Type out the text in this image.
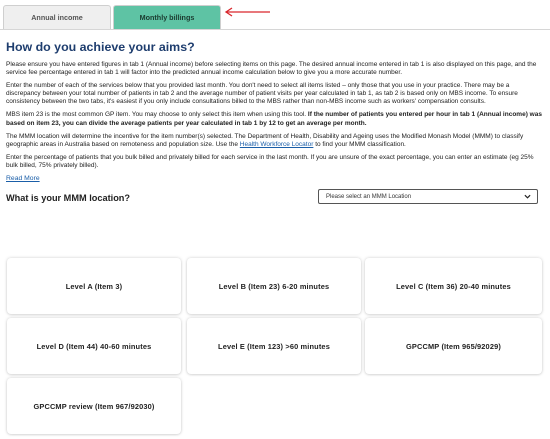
Annual income	Monthly billings
How do you achieve your aims?

Please ensure you have entered figures in tab 1 (Annual income) before selecting items on this page. The desired annual income entered in tab 1 is also displayed on this page, and the service fee percentage entered in tab 1 will factor into the predicted annual income calculation below to give you a more accurate number.

Enter the number of each of the services below that you provided last month. You don't need to select all items listed – only those that you use in your practice. There may be a discrepancy between your total number of patients in tab 2 and the average number of patient visits per year calculated in tab 1, as tab 2 is based only on MBS income. To ensure consistency between the two tabs, it's easiest if you only include consultations billed to the MBS rather than non-MBS income such as workers' compensation consults.

MBS item 23 is the most common GP item. You may choose to only select this item when using this tool. If the number of patients you entered per hour in tab 1 (Annual income) was based on item 23, you can divide the average patients per year calculated in tab 1 by 12 to get an average per month.

The MMM location will determine the incentive for the item number(s) selected. The Department of Health, Disability and Ageing uses the Modified Monash Model (MMM) to classify geographic areas in Australia based on remoteness and population size. Use the Health Workforce Locator to find your MMM classification.

Enter the percentage of patients that you bulk billed and privately billed for each service in the last month. If you are unsure of the exact percentage, you can enter an estimate (eg 25% bulk billed, 75% privately billed).

Read More
What is your MMM location?	Please select an MMM Location
Level A (Item 3)	Level B (Item 23) 6-20 minutes	Level C (Item 36) 20-40 minutes
Level D (Item 44) 40-60 minutes	Level E (Item 123) >60 minutes	GPCCMP (Item 965/92029)
GPCCMP review (Item 967/92030)
